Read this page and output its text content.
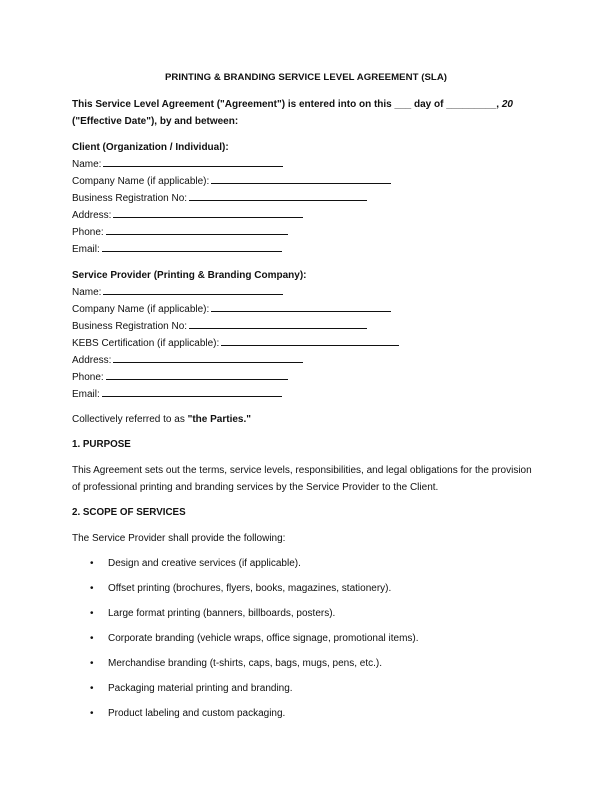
PRINTING & BRANDING SERVICE LEVEL AGREEMENT (SLA)

This Service Level Agreement ("Agreement") is entered into on this ___ day of _________, 20
("Effective Date"), by and between:

Client (Organization / Individual):
Name:
Company Name (if applicable):
Business Registration No:
Address:
Phone:
Email:
Service Provider (Printing & Branding Company):
Name:
Company Name (if applicable):
Business Registration No:
KEBS Certification (if applicable):
Address:
Phone:
Email:

Collectively referred to as "the Parties."

1. PURPOSE

This Agreement sets out the terms, service levels, responsibilities, and legal obligations for the provision of professional printing and branding services by the Service Provider to the Client.

2. SCOPE OF SERVICES

The Service Provider shall provide the following:

• Design and creative services (if applicable).
• Offset printing (brochures, flyers, books, magazines, stationery).
• Large format printing (banners, billboards, posters).
• Corporate branding (vehicle wraps, office signage, promotional items).
• Merchandise branding (t-shirts, caps, bags, mugs, pens, etc.).
• Packaging material printing and branding.
• Product labeling and custom packaging.
